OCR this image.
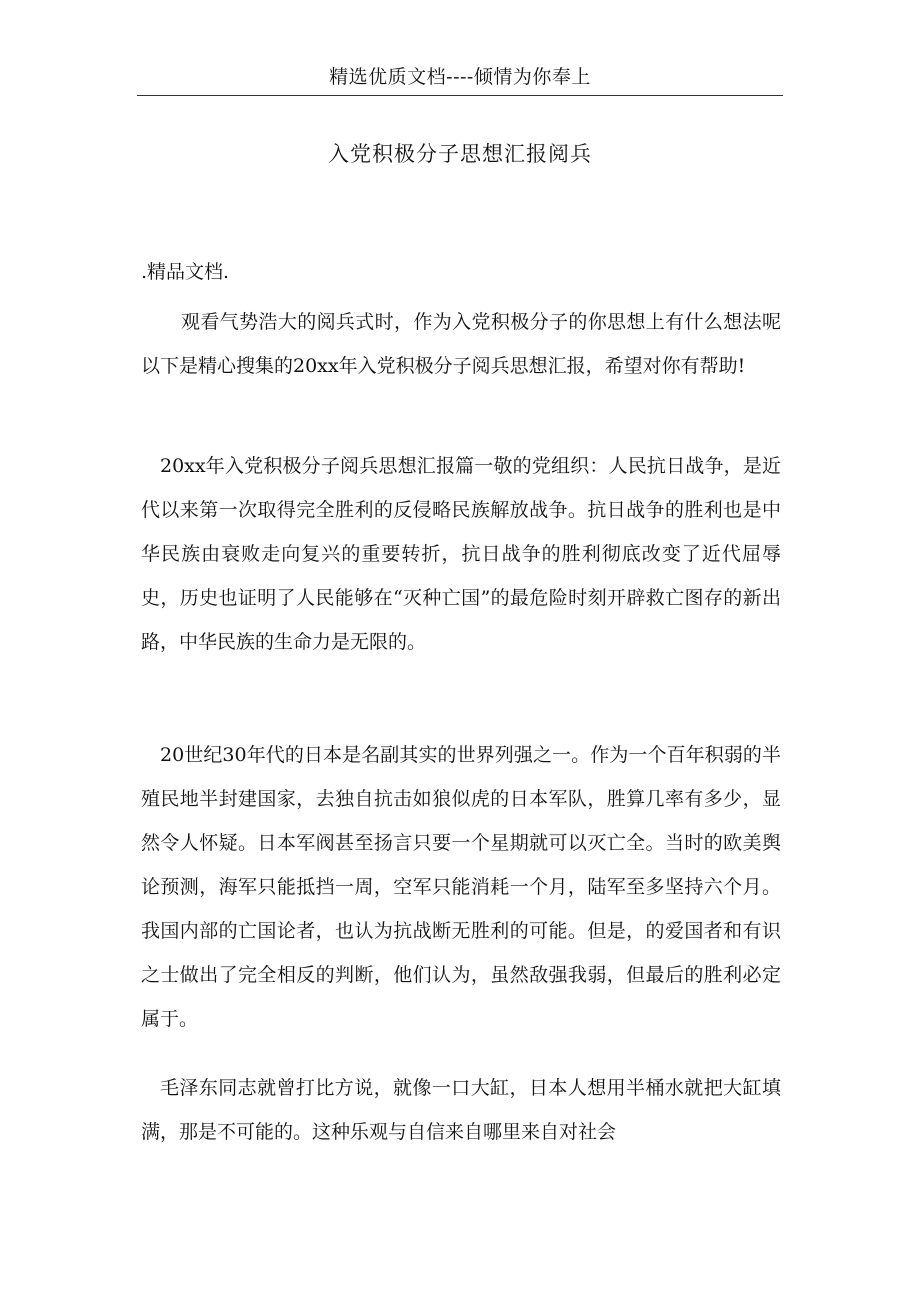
精选优质文档----倾情为你奉上
入党积极分子思想汇报阅兵
.精品文档.
观看气势浩大的阅兵式时，作为入党积极分子的你思想上有什么想法呢以下是精心搜集的20xx年入党积极分子阅兵思想汇报，希望对你有帮助!
20xx年入党积极分子阅兵思想汇报篇一敬的党组织：人民抗日战争，是近代以来第一次取得完全胜利的反侵略民族解放战争。抗日战争的胜利也是中华民族由衰败走向复兴的重要转折，抗日战争的胜利彻底改变了近代屈辱史，历史也证明了人民能够在“灭种亡国”的最危险时刻开辟救亡图存的新出路，中华民族的生命力是无限的。
20世纪30年代的日本是名副其实的世界列强之一。作为一个百年积弱的半殖民地半封建国家，去独自抗击如狼似虎的日本军队，胜算几率有多少，显然令人怀疑。日本军阀甚至扬言只要一个星期就可以灭亡全。当时的欧美舆论预测，海军只能抵挡一周，空军只能消耗一个月，陆军至多坚持六个月。我国内部的亡国论者，也认为抗战断无胜利的可能。但是，的爱国者和有识之士做出了完全相反的判断，他们认为，虽然敌强我弱，但最后的胜利必定属于。
毛泽东同志就曾打比方说，就像一口大缸，日本人想用半桶水就把大缸填满，那是不可能的。这种乐观与自信来自哪里来自对社会
